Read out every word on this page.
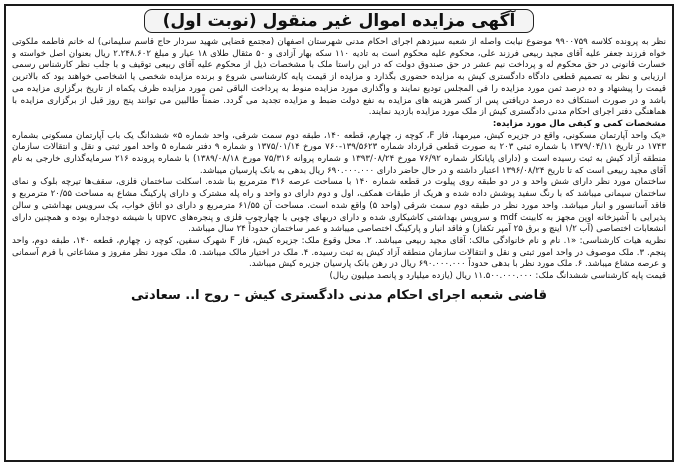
آگهی مزایده اموال غیر منقول (نوبت اول)

نظر به پرونده کلاسه ۹۹۰۰۷۵۹ موضوع نیابت واصله از شعبه سیزدهم اجرای احکام مدنی شهرستان اصفهان (مجتمع قضایی شهید سردار حاج قاسم سلیمانی) له خانم فاطمه ملکوتی خواه فرزند جعفر علیه آقای مجید ربیعی فرزند علی، محکوم علیه محکوم است به تادیه ۱۱۰ سکه بهار آزادی و ۵۰ مثقال طلای ۱۸ عیار و مبلغ ۲.۲۴۸.۶۰۲ ریال بعنوان اصل خواسته و خسارت قانونی در حق محکوم له و پرداخت نیم عشر در حق صندوق دولت که در این راستا ملک با مشخصات ذیل از محکوم علیه آقای ربیعی توقیف و با جلب نظر کارشناس رسمی ارزیابی و نظر به تصمیم قطعی دادگاه دادگستری کیش به مزایده حضوری بگذارد و مزایده از قیمت پایه کارشناسی شروع و برنده مزایده شخصی یا اشخاصی خواهند بود که بالاترین قیمت را پیشنهاد و ده درصد ثمن مورد مزایده را فی المجلس تودیع نمایند و واگذاری مورد مزایده منوط به پرداخت الباقی ثمن مورد مزایده ظرف یکماه از تاریخ برگزاری مزایده می باشد و در صورت استنکاف ده درصد دریافتی پس از کسر هزینه های مزایده به نفع دولت ضبط و مزایده تجدید می گردد. ضمناً طالبین می توانند پنج روز قبل از برگزاری مزایده با هماهنگی دفتر اجرای احکام مدنی دادگستری کیش از ملک مورد مزایده بازدید نمایند.

مشخصات کمی و کیفی مال مورد مزایده:

«یک واحد آپارتمان مسکونی، واقع در جزیره کیش، میرمهنا، فاز F، کوچه ز، چهارم، قطعه ۱۴۰، طبقه دوم سمت شرقی، واحد شماره ۵» ششدانگ یک باب آپارتمان مسکونی بشماره ۱۷۴۳ در تاریخ ۱۳۷۹/۰۴/۱۱ با شماره ثبتی ۲۰۳ به صورت قطعی قرارداد شماره ۱۳۹/۵۶۲۳-۷۶۰ مورخ ۱۳۷۵/۰۱/۱۴ و شماره ۹ دفتر شماره ۵ واحد امور ثبتی و نقل و انتقالات سازمان منطقه آزاد کیش به ثبت رسیده است و (دارای پایانکار شماره ۷۶/۹۲ مورخ ۱۳۹۳/۰۸/۲۴ و شماره پروانه ۷۵/۳۱۶ مورخ ۱۳۸۹/۰۸/۱۸) با شماره پرونده ۲۱۶ سرمایه‌گذاری خارجی به نام آقای مجید ربیعی است که تا تاریخ ۱۳۹۶/۰۸/۲۴ اعتبار داشته و در حال حاضر دارای ۶۹۰.۰۰۰.۰۰۰ ریال بدهی به بانک پارسیان میباشد.

ساختمان مورد نظر دارای شش واحد و در دو طبقه روی پیلوت در قطعه شماره ۱۴۰ با مساحت عرصه ۳۱۶ مترمربع بنا شده. اسکلت ساختمان فلزی، سقف‌ها تیرچه بلوک و نمای ساختمان سیمانی میباشد که با رنگ سفید پوشش داده شده و هریک از طبقات همکف، اول و دوم دارای دو واحد و راه پله مشترک و دارای پارکینگ مشاع به مساحت ۲۰/۵۵ مترمربع و فاقد آسانسور و انبار میباشد. واحد مورد نظر در طبقه دوم سمت شرقی (واحد ۵) واقع شده است. مساحت آن ۶۱/۵۵ مترمربع و دارای دو اتاق خواب، یک سرویس بهداشتی و سالن پذیرایی با آشپزخانه اوپن مجهز به کابینت mdf و سرویس بهداشتی کاشیکاری شده و دارای دربهای چوبی با چهارچوب فلزی و پنجره‌های upvc با شیشه دوجداره بوده و همچنین دارای انشعابات اختصاصی (آب ۱/۲ اینچ و برق ۲۵ آمپر تکفاز) و فاقد انبار و پارکینگ اختصاصی میباشد و عمر ساختمان حدوداً ۲۴ سال میباشد.

نظریه هیات کارشناسی: «۱. نام و نام خانوادگی مالک: آقای مجید ربیعی میباشد. ۲. محل وقوع ملک: جزیره کیش، فاز F شهرک سفین، کوچه ز، چهارم، قطعه ۱۴۰، طبقه دوم، واحد پنجم. ۳. ملک موصوف در واحد امور ثبتی و نقل و انتقالات سازمان منطقه آزاد کیش به ثبت رسیده. ۴. ملک در اختیار مالک میباشد. ۵. ملک مورد نظر مفروز و مشاعاتی با فرم آسمانی و عرصه مشاع میباشد. ۶. ملک مورد نظر با بدهی حدوداً ۶۹۰.۰۰۰.۰۰۰ ریال در رهن بانک پارسیان جزیره کیش میباشد.

قیمت پایه کارشناسی ششدانگ ملک: ۱۱.۵۰۰.۰۰۰.۰۰۰ ریال (یازده میلیارد و پانصد میلیون ریال)

قاضی شعبه اجرای احکام مدنی دادگستری کیش – روح ا.. سعادتی
